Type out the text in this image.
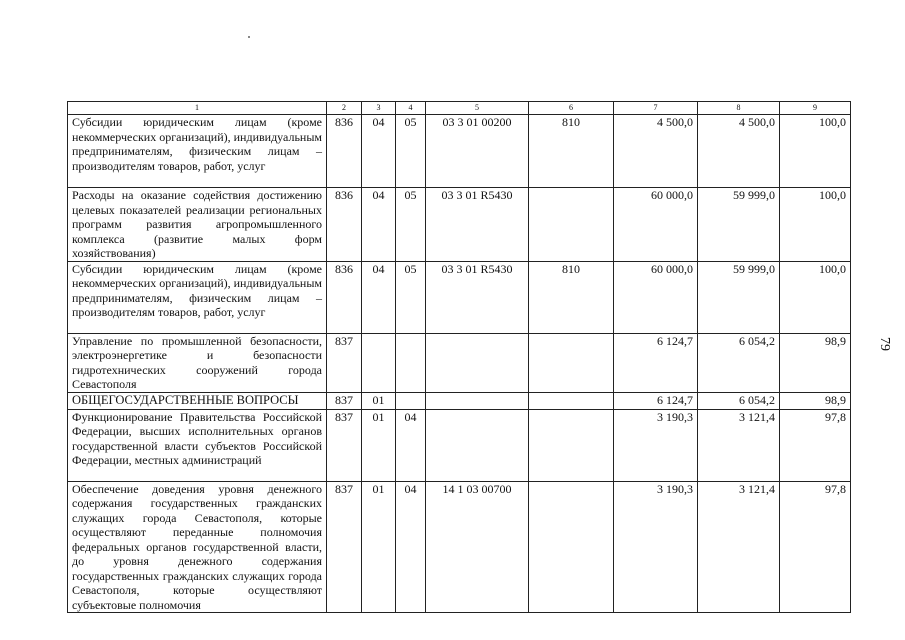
1	2	3	4	5	6	7	8	9
Субсидии юридическим лицам (кроме некоммерческих организаций), индивидуальным предпринимателям, физическим лицам – производителям товаров, работ, услуг	836	04	05	03 3 01 00200	810	4 500,0	4 500,0	100,0
Расходы на оказание содействия достижению целевых показателей реализации региональных программ развития агропромышленного комплекса (развитие малых форм хозяйствования)	836	04	05	03 3 01 R5430		60 000,0	59 999,0	100,0
Субсидии юридическим лицам (кроме некоммерческих организаций), индивидуальным предпринимателям, физическим лицам – производителям товаров, работ, услуг	836	04	05	03 3 01 R5430	810	60 000,0	59 999,0	100,0
Управление по промышленной безопасности, электроэнергетике и безопасности гидротехнических сооружений города Севастополя	837					6 124,7	6 054,2	98,9
ОБЩЕГОСУДАРСТВЕННЫЕ ВОПРОСЫ	837	01				6 124,7	6 054,2	98,9
Функционирование Правительства Российской Федерации, высших исполнительных органов государственной власти субъектов Российской Федерации, местных администраций	837	01	04			3 190,3	3 121,4	97,8
Обеспечение доведения уровня денежного содержания государственных гражданских служащих города Севастополя, которые осуществляют переданные полномочия федеральных органов государственной власти, до уровня денежного содержания государственных гражданских служащих города Севастополя, которые осуществляют субъектовые полномочия	837	01	04	14 1 03 00700		3 190,3	3 121,4	97,8
79
